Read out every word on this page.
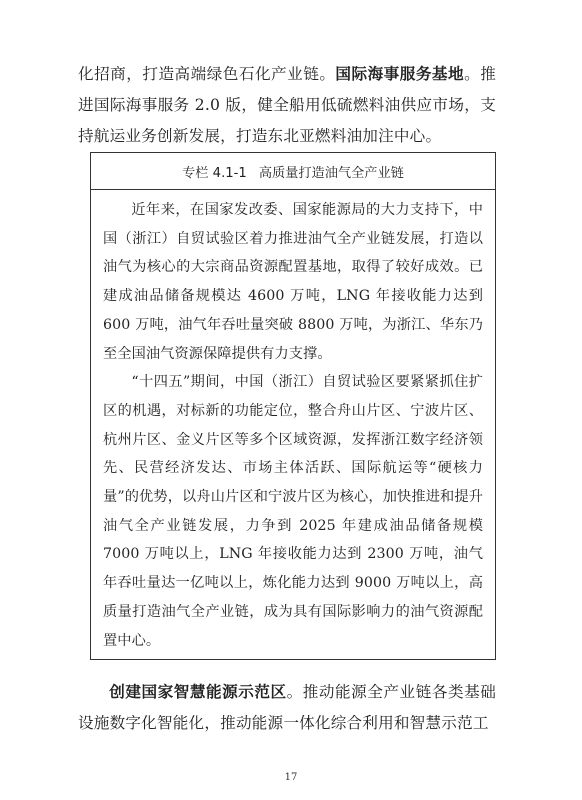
化招商，打造高端绿色石化产业链。国际海事服务基地。推进国际海事服务 2.0 版，健全船用低硫燃料油供应市场，支持航运业务创新发展，打造东北亚燃料油加注中心。

专栏 4.1-1 高质量打造油气全产业链

近年来，在国家发改委、国家能源局的大力支持下，中国（浙江）自贸试验区着力推进油气全产业链发展，打造以油气为核心的大宗商品资源配置基地，取得了较好成效。已建成油品储备规模达 4600 万吨，LNG 年接收能力达到 600 万吨，油气年吞吐量突破 8800 万吨，为浙江、华东乃至全国油气资源保障提供有力支撑。

“十四五”期间，中国（浙江）自贸试验区要紧紧抓住扩区的机遇，对标新的功能定位，整合舟山片区、宁波片区、杭州片区、金义片区等多个区域资源，发挥浙江数字经济领先、民营经济发达、市场主体活跃、国际航运等“硬核力量”的优势，以舟山片区和宁波片区为核心，加快推进和提升油气全产业链发展，力争到 2025 年建成油品储备规模 7000 万吨以上，LNG 年接收能力达到 2300 万吨，油气年吞吐量达一亿吨以上，炼化能力达到 9000 万吨以上，高质量打造油气全产业链，成为具有国际影响力的油气资源配置中心。

创建国家智慧能源示范区。推动能源全产业链各类基础设施数字化智能化，推动能源一体化综合利用和智慧示范工

17
